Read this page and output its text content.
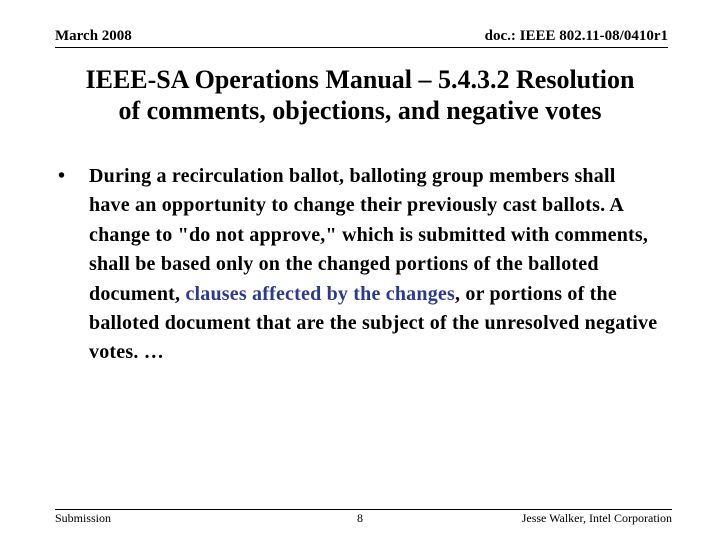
March 2008	doc.: IEEE 802.11-08/0410r1
IEEE-SA Operations Manual – 5.4.3.2 Resolution
of comments, objections, and negative votes
•	During a recirculation ballot, balloting group members shall have an opportunity to change their previously cast ballots. A change to "do not approve," which is submitted with comments, shall be based only on the changed portions of the balloted document, clauses affected by the changes, or portions of the balloted document that are the subject of the unresolved negative votes. …
Submission	8	Jesse Walker, Intel Corporation
